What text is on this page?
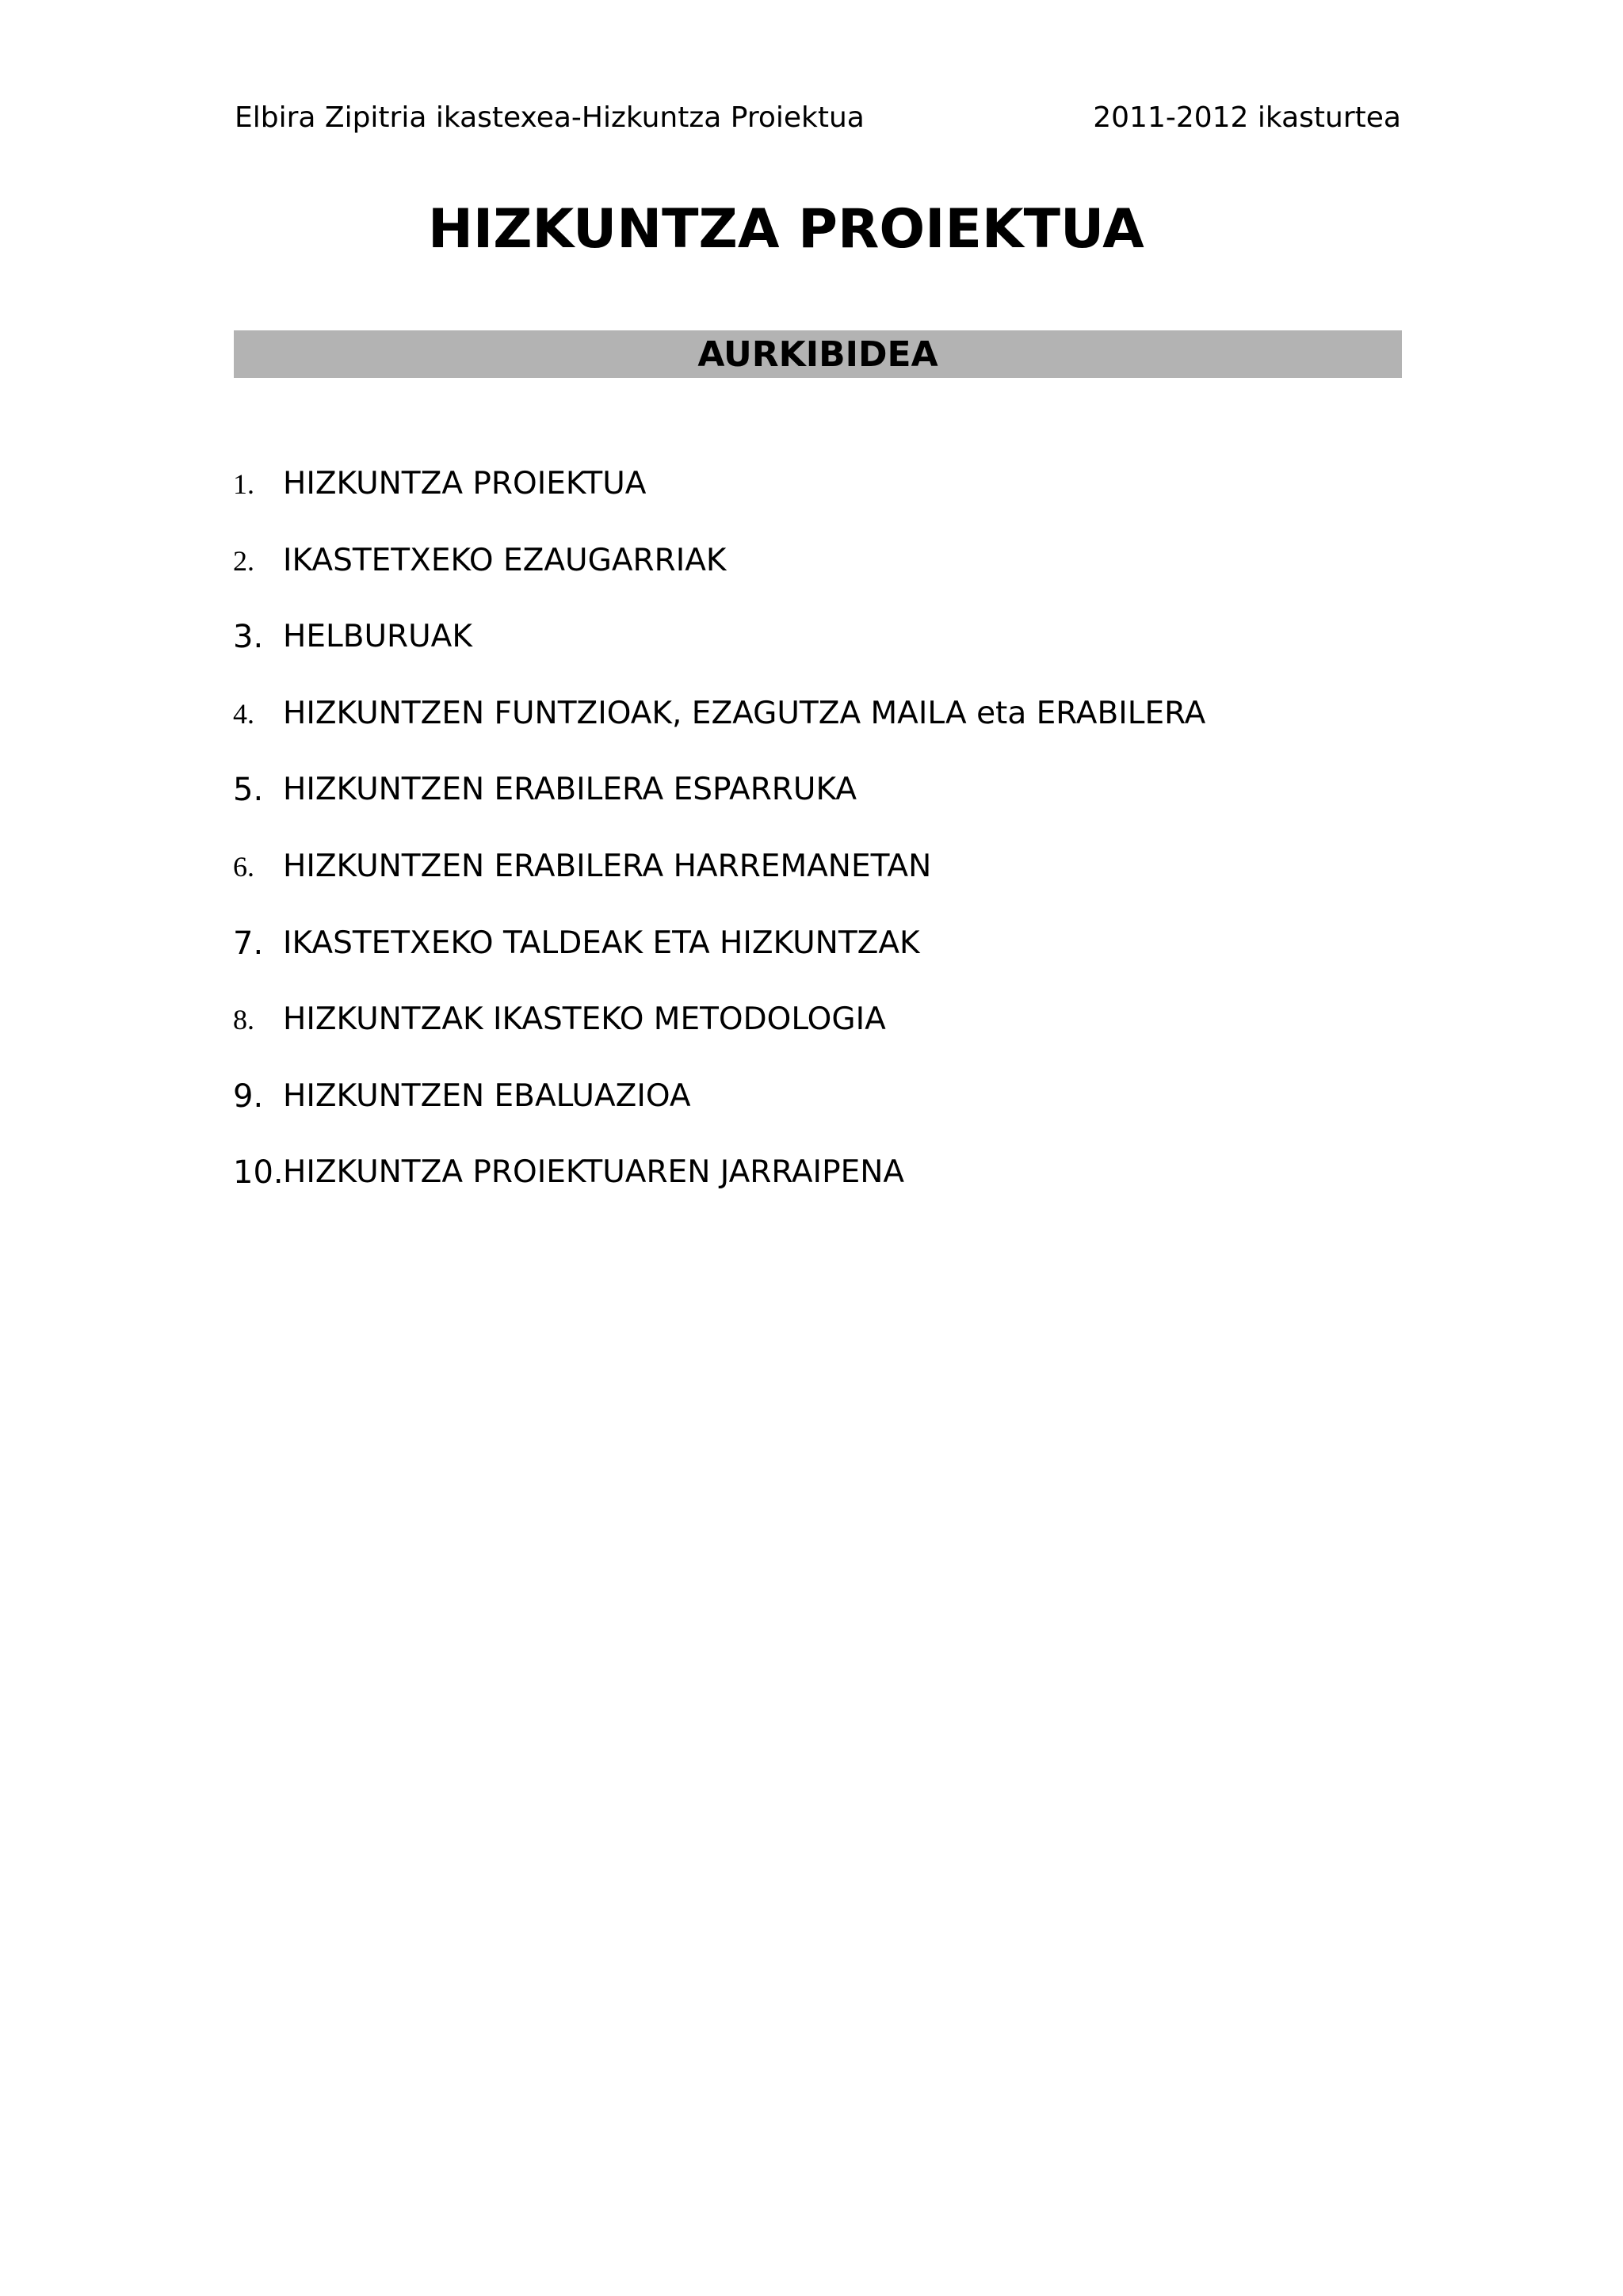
Elbira Zipitria ikastexea-Hizkuntza Proiektua	2011-2012 ikasturtea
HIZKUNTZA PROIEKTUA
AURKIBIDEA
1. HIZKUNTZA PROIEKTUA
2. IKASTETXEKO EZAUGARRIAK
3. HELBURUAK
4. HIZKUNTZEN FUNTZIOAK, EZAGUTZA MAILA eta ERABILERA
5. HIZKUNTZEN ERABILERA ESPARRUKA
6. HIZKUNTZEN ERABILERA HARREMANETAN
7. IKASTETXEKO TALDEAK ETA HIZKUNTZAK
8. HIZKUNTZAK IKASTEKO METODOLOGIA
9. HIZKUNTZEN EBALUAZIOA
10. HIZKUNTZA PROIEKTUAREN JARRAIPENA
